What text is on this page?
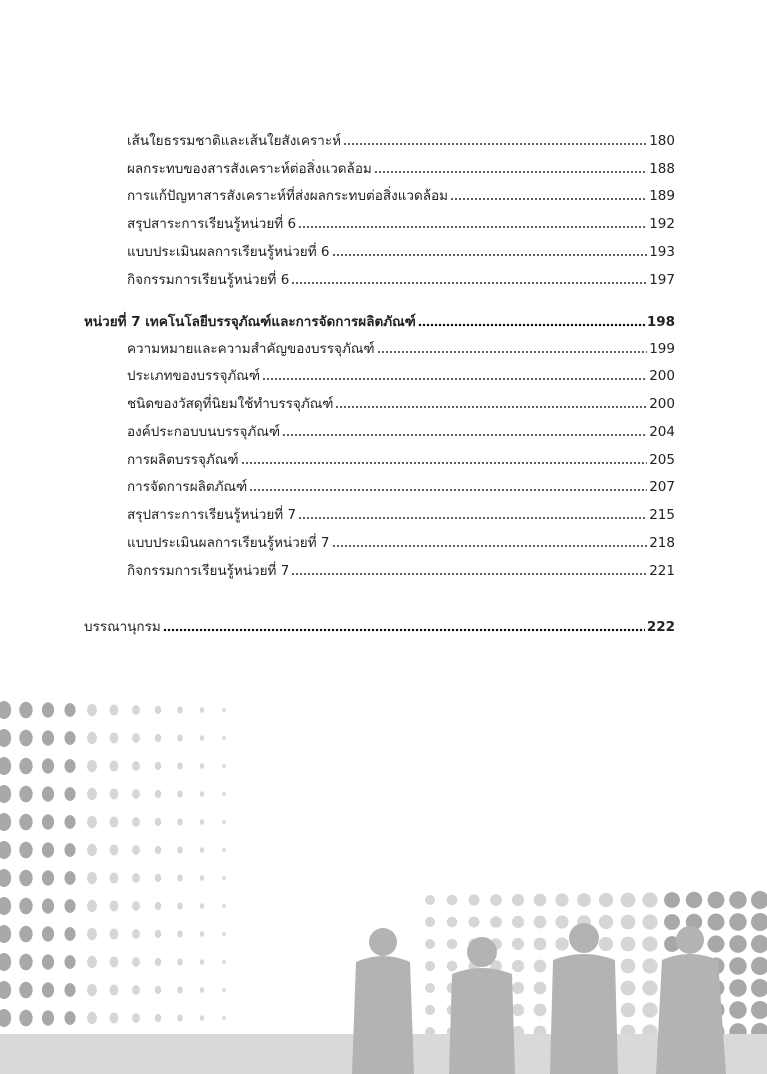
เส้นใยธรรมชาติและเส้นใยสังเคราะห์	180
ผลกระทบของสารสังเคราะห์ต่อสิ่งแวดล้อม	188
การแก้ปัญหาสารสังเคราะห์ที่ส่งผลกระทบต่อสิ่งแวดล้อม	189
สรุปสาระการเรียนรู้หน่วยที่ 6	192
แบบประเมินผลการเรียนรู้หน่วยที่ 6	193
กิจกรรมการเรียนรู้หน่วยที่ 6	197
หน่วยที่ 7 เทคโนโลยีบรรจุภัณฑ์และการจัดการผลิตภัณฑ์	198
ความหมายและความสำคัญของบรรจุภัณฑ์	199
ประเภทของบรรจุภัณฑ์	200
ชนิดของวัสดุที่นิยมใช้ทำบรรจุภัณฑ์	200
องค์ประกอบบนบรรจุภัณฑ์	204
การผลิตบรรจุภัณฑ์	205
การจัดการผลิตภัณฑ์	207
สรุปสาระการเรียนรู้หน่วยที่ 7	215
แบบประเมินผลการเรียนรู้หน่วยที่ 7	218
กิจกรรมการเรียนรู้หน่วยที่ 7	221
บรรณานุกรม	222
